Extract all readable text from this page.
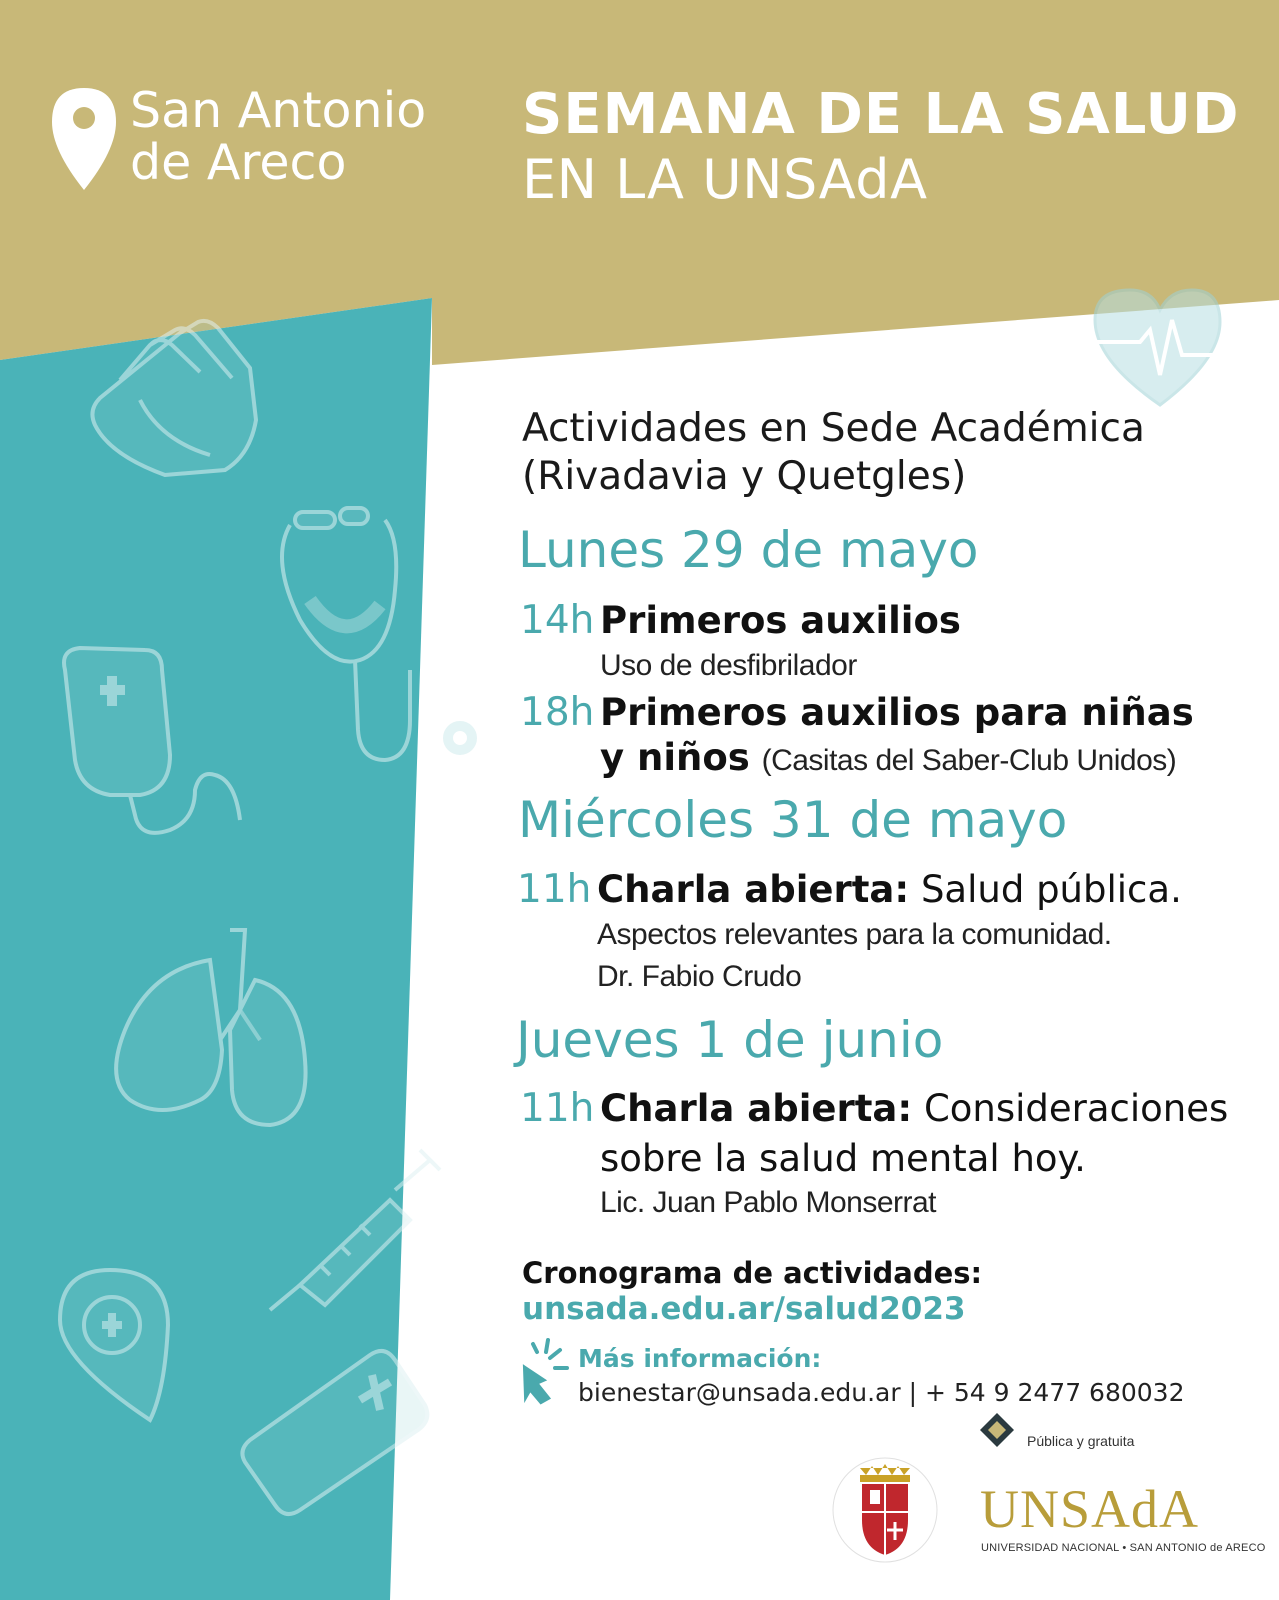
San Antonio
de Areco
SEMANA DE LA SALUD
EN LA UNSAdA
Actividades en Sede Académica
(Rivadavia y Quetgles)
Lunes 29 de mayo
14h Primeros auxilios
Uso de desfibrilador
18h Primeros auxilios para niñas
y niños (Casitas del Saber-Club Unidos)
Miércoles 31 de mayo
11h Charla abierta: Salud pública.
Aspectos relevantes para la comunidad.
Dr. Fabio Crudo
Jueves 1 de junio
11h Charla abierta: Consideraciones
sobre la salud mental hoy.
Lic. Juan Pablo Monserrat
Cronograma de actividades:
unsada.edu.ar/salud2023
Más información:
bienestar@unsada.edu.ar | + 54 9 2477 680032
Pública y gratuita
UNSAdA
UNIVERSIDAD NACIONAL • SAN ANTONIO de ARECO
